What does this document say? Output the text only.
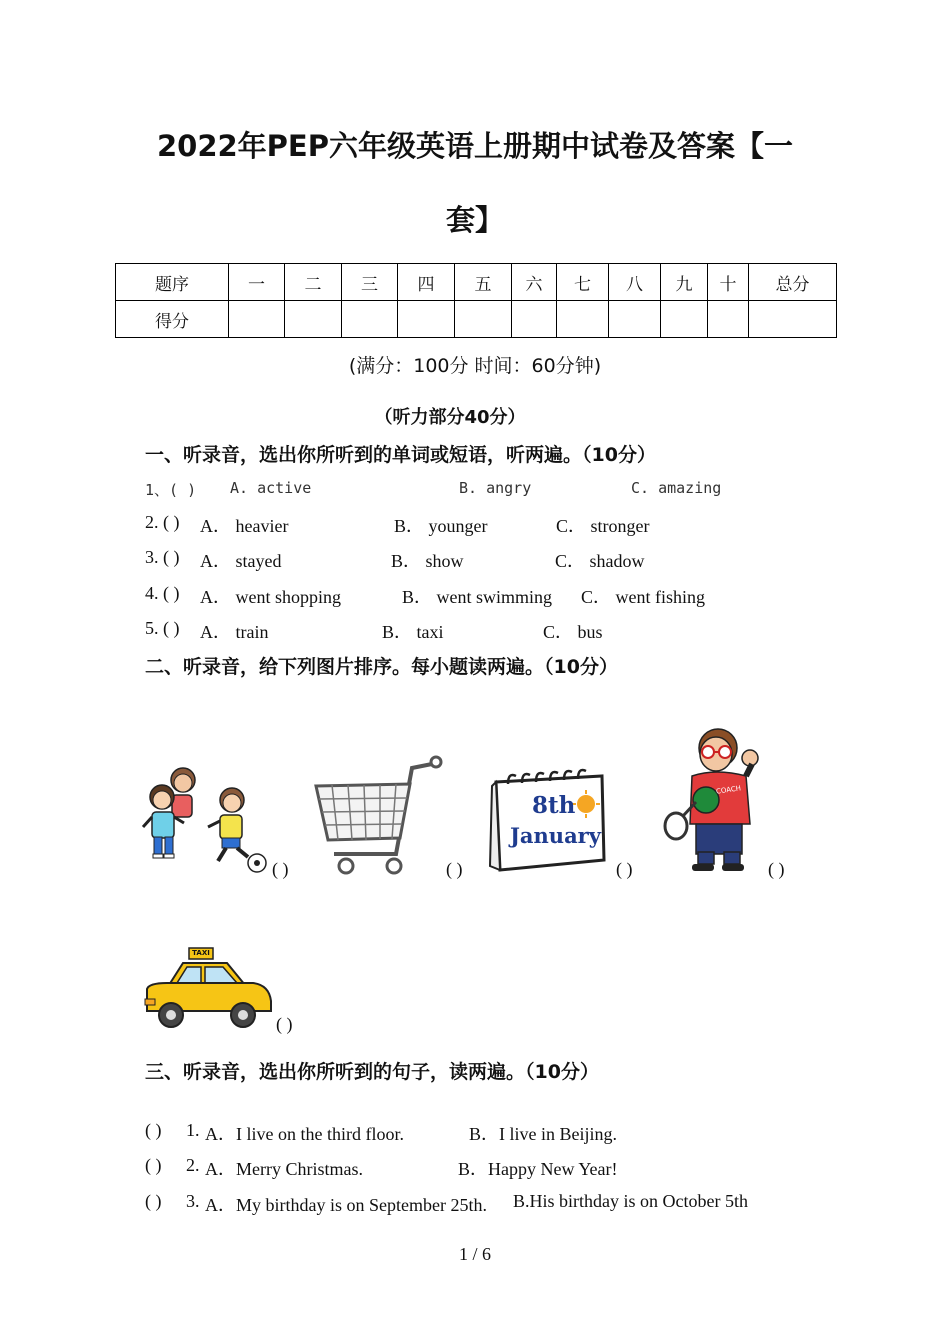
2022年PEP六年级英语上册期中试卷及答案【一
套】
题序	一	二	三	四	五	六	七	八	九	十	总分
得分											
(满分：100分 时间：60分钟)
（听力部分40分）
一、听录音，选出你所听到的单词或短语，听两遍。（10分）
1、( ) A. active	B. angry	C. amazing
2. ( ) A． heavier	B． younger	C． stronger
3. ( ) A． stayed	B． show	C． shadow
4. ( ) A． went shopping	B． went swimming C． went fishing
5. ( ) A． train	B． taxi	C． bus
二、听录音，给下列图片排序。每小题读两遍。（10分）
( )	( )
8th
January
( )
COACH
( )
TAXI
( )
三、听录音，选出你所听到的句子，读两遍。（10分）
( ) 1. A．I live on the third floor.	B．I live in Beijing.
( ) 2. A．Merry Christmas.	B．Happy New Year!
( ) 3. A．My birthday is on September 25th. B.His birthday is on October 5th
1 / 6
